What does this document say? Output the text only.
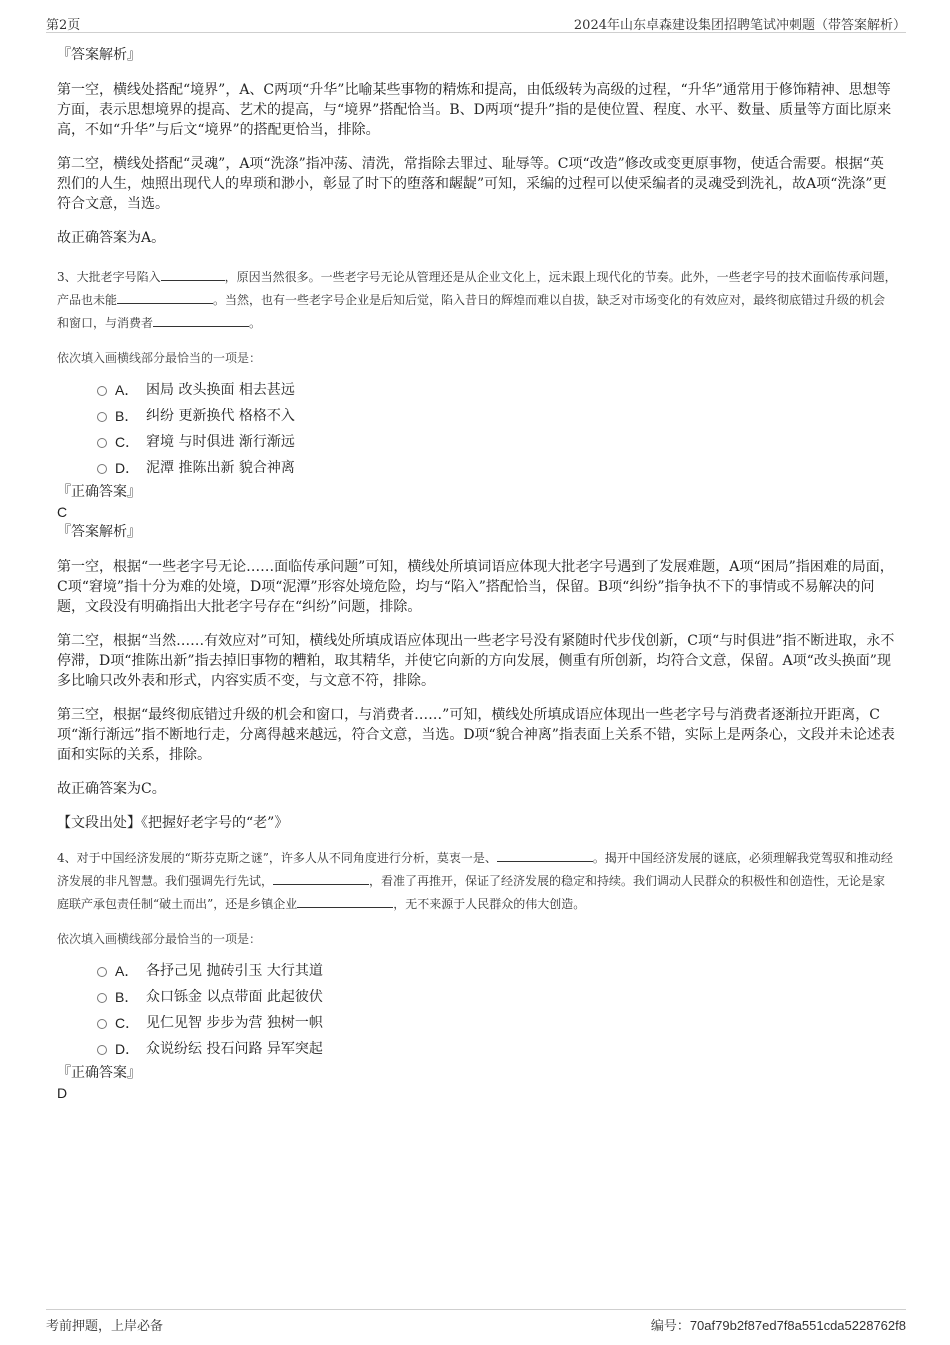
第2页	2024年山东卓森建设集团招聘笔试冲刺题（带答案解析）

『答案解析』

第一空，横线处搭配“境界”，A、C两项“升华”比喻某些事物的精炼和提高，由低级转为高级的过程，“升华”通常用于修饰精神、思想等方面，表示思想境界的提高、艺术的提高，与“境界”搭配恰当。B、D两项“提升”指的是使位置、程度、水平、数量、质量等方面比原来高，不如“升华”与后文“境界”的搭配更恰当，排除。

第二空，横线处搭配“灵魂”，A项“洗涤”指冲荡、清洗，常指除去罪过、耻辱等。C项“改造”修改或变更原事物，使适合需要。根据“英烈们的人生，烛照出现代人的卑琐和渺小，彰显了时下的堕落和龌龊”可知，采编的过程可以使采编者的灵魂受到洗礼，故A项“洗涤”更符合文意，当选。

故正确答案为A。

3、大批老字号陷入	，原因当然很多。一些老字号无论从管理还是从企业文化上，远未跟上现代化的节奏。此外，一些老字号的技术面临传承问题，产品也未能	。当然，也有一些老字号企业是后知后觉，陷入昔日的辉煌而难以自拔，缺乏对市场变化的有效应对，最终彻底错过升级的机会和窗口，与消费者	。

依次填入画横线部分最恰当的一项是：

A． 困局 改头换面 相去甚远
B． 纠纷 更新换代 格格不入
C． 窘境 与时俱进 渐行渐远
D． 泥潭 推陈出新 貌合神离

『正确答案』

C

『答案解析』

第一空，根据“一些老字号无论……面临传承问题”可知，横线处所填词语应体现大批老字号遇到了发展难题，A项“困局”指困难的局面，C项“窘境”指十分为难的处境，D项“泥潭”形容处境危险，均与“陷入”搭配恰当，保留。B项“纠纷”指争执不下的事情或不易解决的问题，文段没有明确指出大批老字号存在“纠纷”问题，排除。

第二空，根据“当然……有效应对”可知，横线处所填成语应体现出一些老字号没有紧随时代步伐创新，C项“与时俱进”指不断进取，永不停滞，D项“推陈出新”指去掉旧事物的糟粕，取其精华，并使它向新的方向发展，侧重有所创新，均符合文意，保留。A项“改头换面”现多比喻只改外表和形式，内容实质不变，与文意不符，排除。

第三空，根据“最终彻底错过升级的机会和窗口，与消费者……”可知，横线处所填成语应体现出一些老字号与消费者逐渐拉开距离，C项“渐行渐远”指不断地行走，分离得越来越远，符合文意，当选。D项“貌合神离”指表面上关系不错，实际上是两条心，文段并未论述表面和实际的关系，排除。

故正确答案为C。

【文段出处】《把握好老字号的“老”》

4、对于中国经济发展的“斯芬克斯之谜”，许多人从不同角度进行分析，莫衷一是、	。揭开中国经济发展的谜底，必须理解我党驾驭和推动经济发展的非凡智慧。我们强调先行先试，	，看准了再推开，保证了经济发展的稳定和持续。我们调动人民群众的积极性和创造性，无论是家庭联产承包责任制“破土而出”，还是乡镇企业	，无不来源于人民群众的伟大创造。

依次填入画横线部分最恰当的一项是：

A． 各抒己见 抛砖引玉 大行其道
B． 众口铄金 以点带面 此起彼伏
C． 见仁见智 步步为营 独树一帜
D． 众说纷纭 投石问路 异军突起

『正确答案』

D
考前押题，上岸必备	编号：70af79b2f87ed7f8a551cda5228762f8
